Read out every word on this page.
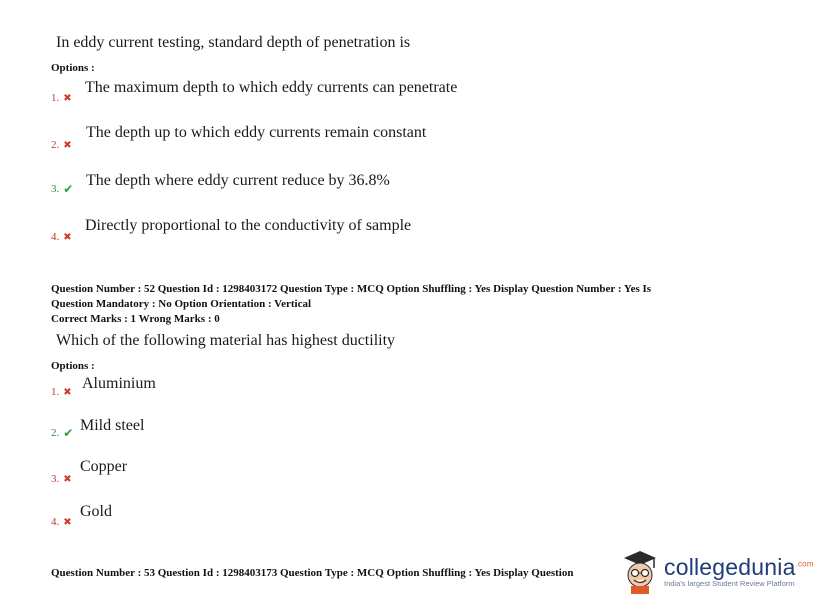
In eddy current testing, standard depth of penetration is
Options :
1. ✖
The maximum depth to which eddy currents can penetrate
2. ✖
The depth up to which eddy currents remain constant
3. ✔ The depth where eddy current reduce by 36.8%
4. ✖
Directly proportional to the conductivity of sample
Question Number : 52 Question Id : 1298403172 Question Type : MCQ Option Shuffling : Yes Display Question Number : Yes Is
Question Mandatory : No Option Orientation : Vertical
Correct Marks : 1 Wrong Marks : 0
Which of the following material has highest ductility
Options :
1. ✖ Aluminium
2. ✔ Mild steel
3. ✖
Copper
4. ✖
Gold
Question Number : 53 Question Id : 1298403173 Question Type : MCQ Option Shuffling : Yes Display Question	collegedunia$^{.com}$
India's largest Student Review Platform
